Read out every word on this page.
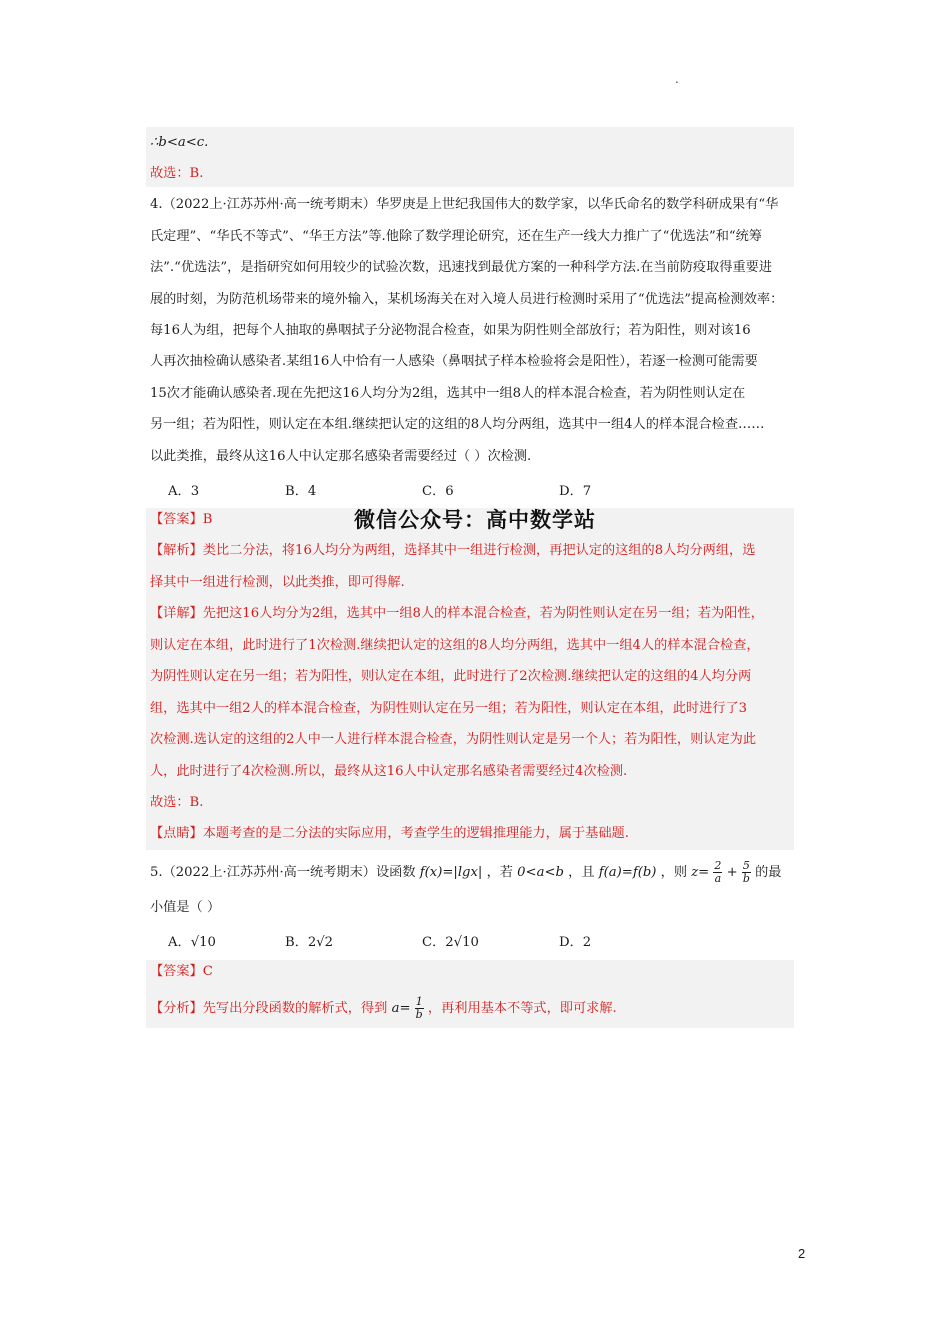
.
∴b<a<c.
故选：B.
4.（2022上·江苏苏州·高一统考期末）华罗庚是上世纪我国伟大的数学家，以华氏命名的数学科研成果有“华
氏定理”、“华氏不等式”、“华王方法”等.他除了数学理论研究，还在生产一线大力推广了“优选法”和“统筹
法”.“优选法”，是指研究如何用较少的试验次数，迅速找到最优方案的一种科学方法.在当前防疫取得重要进
展的时刻，为防范机场带来的境外输入，某机场海关在对入境人员进行检测时采用了“优选法”提高检测效率：
每16人为组，把每个人抽取的鼻咽拭子分泌物混合检查，如果为阴性则全部放行；若为阳性，则对该16
人再次抽检确认感染者.某组16人中恰有一人感染（鼻咽拭子样本检验将会是阳性），若逐一检测可能需要
15次才能确认感染者.现在先把这16人均分为2组，选其中一组8人的样本混合检查，若为阴性则认定在
另一组；若为阳性，则认定在本组.继续把认定的这组的8人均分两组，选其中一组4人的样本混合检查……
以此类推，最终从这16人中认定那名感染者需要经过（ ）次检测.
A．3	B．4	C．6	D．7
【答案】B	微信公众号：高中数学站
【解析】类比二分法，将16人均分为两组，选择其中一组进行检测，再把认定的这组的8人均分两组，选
择其中一组进行检测，以此类推，即可得解.
【详解】先把这16人均分为2组，选其中一组8人的样本混合检查，若为阴性则认定在另一组；若为阳性，
则认定在本组，此时进行了1次检测.继续把认定的这组的8人均分两组，选其中一组4人的样本混合检查，
为阴性则认定在另一组；若为阳性，则认定在本组，此时进行了2次检测.继续把认定的这组的4人均分两
组，选其中一组2人的样本混合检查，为阴性则认定在另一组；若为阳性，则认定在本组，此时进行了3
次检测.选认定的这组的2人中一人进行样本混合检查，为阴性则认定是另一个人；若为阳性，则认定为此
人，此时进行了4次检测.所以，最终从这16人中认定那名感染者需要经过4次检测.
故选：B.
【点睛】本题考查的是二分法的实际应用，考查学生的逻辑推理能力，属于基础题.
5.（2022上·江苏苏州·高一统考期末）设函数 f(x)=|lgx| ，若 0<a<b ，且 f(a)=f(b) ，则 $z= \frac{2}{a} + \frac{5}{b}$ 的最
小值是（ ）
A．√10	B．2√2	C．2√10	D．2
【答案】C
【分析】先写出分段函数的解析式，得到 $a= \frac{1}{b}$ ，再利用基本不等式，即可求解.
2
